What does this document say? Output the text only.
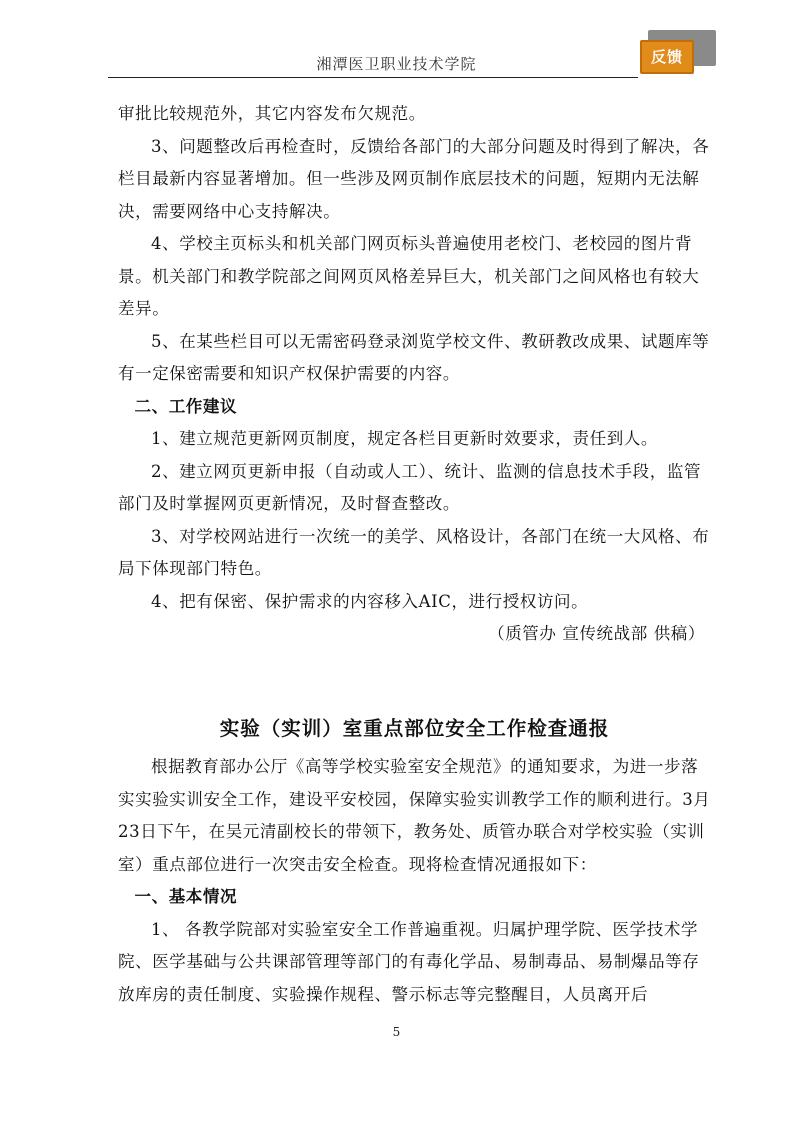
湘潭医卫职业技术学院	反馈

审批比较规范外，其它内容发布欠规范。

3、问题整改后再检查时，反馈给各部门的大部分问题及时得到了解决，各栏目最新内容显著增加。但一些涉及网页制作底层技术的问题，短期内无法解决，需要网络中心支持解决。

4、学校主页标头和机关部门网页标头普遍使用老校门、老校园的图片背景。机关部门和教学院部之间网页风格差异巨大，机关部门之间风格也有较大差异。

5、在某些栏目可以无需密码登录浏览学校文件、教研教改成果、试题库等有一定保密需要和知识产权保护需要的内容。

二、工作建议

1、建立规范更新网页制度，规定各栏目更新时效要求，责任到人。

2、建立网页更新申报（自动或人工）、统计、监测的信息技术手段，监管部门及时掌握网页更新情况，及时督查整改。

3、对学校网站进行一次统一的美学、风格设计，各部门在统一大风格、布局下体现部门特色。

4、把有保密、保护需求的内容移入AIC，进行授权访问。

（质管办 宣传统战部 供稿）

实验（实训）室重点部位安全工作检查通报

根据教育部办公厅《高等学校实验室安全规范》的通知要求，为进一步落实实验实训安全工作，建设平安校园，保障实验实训教学工作的顺利进行。3月23日下午，在吴元清副校长的带领下，教务处、质管办联合对学校实验（实训室）重点部位进行一次突击安全检查。现将检查情况通报如下：

一、基本情况

1、 各教学院部对实验室安全工作普遍重视。归属护理学院、医学技术学院、医学基础与公共课部管理等部门的有毒化学品、易制毒品、易制爆品等存放库房的责任制度、实验操作规程、警示标志等完整醒目，人员离开后

5
